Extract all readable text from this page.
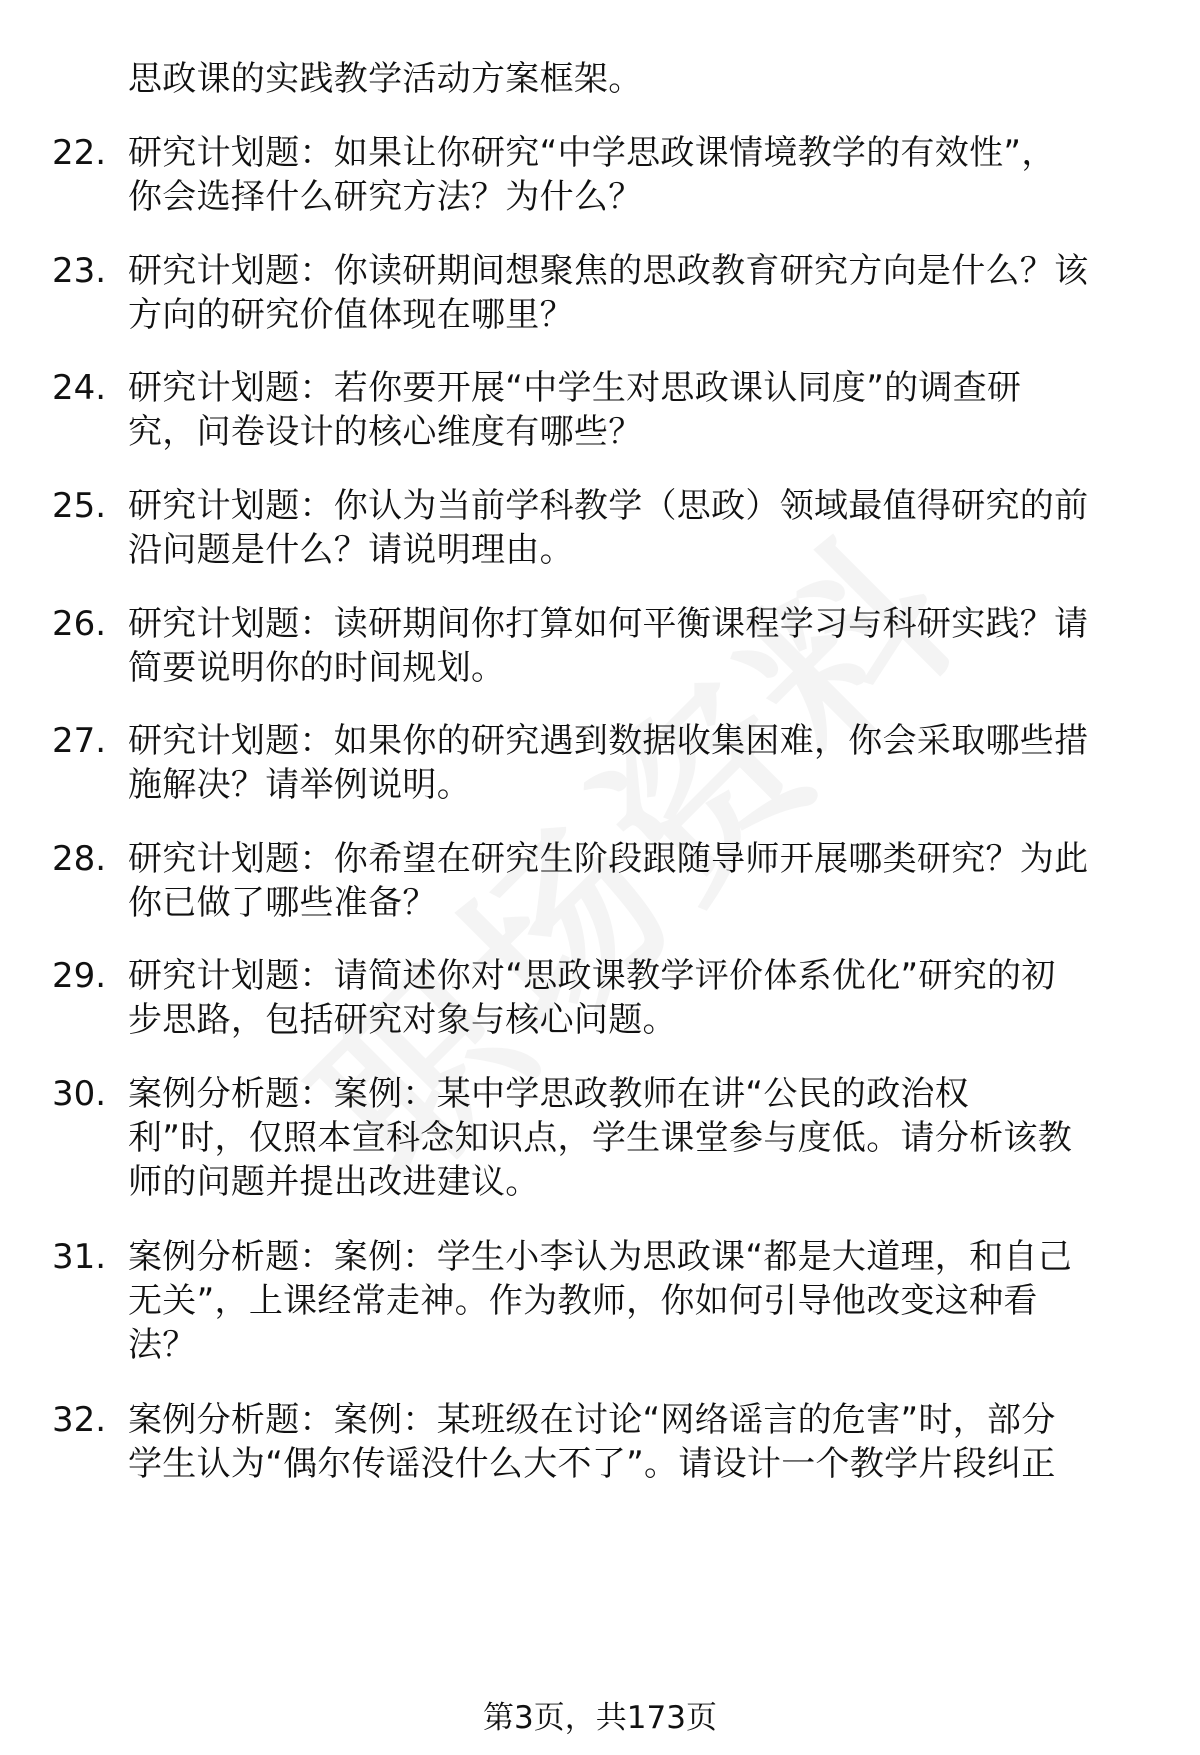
思政课的实践教学活动方案框架。
22. 研究计划题：如果让你研究“中学思政课情境教学的有效性”，
你会选择什么研究方法？为什么？
23. 研究计划题：你读研期间想聚焦的思政教育研究方向是什么？该
方向的研究价值体现在哪里？
24. 研究计划题：若你要开展“中学生对思政课认同度”的调查研
究，问卷设计的核心维度有哪些？
25. 研究计划题：你认为当前学科教学（思政）领域最值得研究的前
沿问题是什么？请说明理由。
26. 研究计划题：读研期间你打算如何平衡课程学习与科研实践？请
简要说明你的时间规划。
27. 研究计划题：如果你的研究遇到数据收集困难，你会采取哪些措
施解决？请举例说明。
28. 研究计划题：你希望在研究生阶段跟随导师开展哪类研究？为此
你已做了哪些准备？
29. 研究计划题：请简述你对“思政课教学评价体系优化”研究的初
步思路，包括研究对象与核心问题。
30. 案例分析题：案例：某中学思政教师在讲“公民的政治权
利”时，仅照本宣科念知识点，学生课堂参与度低。请分析该教
师的问题并提出改进建议。
31. 案例分析题：案例：学生小李认为思政课“都是大道理，和自己
无关”，上课经常走神。作为教师，你如何引导他改变这种看
法？
32. 案例分析题：案例：某班级在讨论“网络谣言的危害”时，部分
学生认为“偶尔传谣没什么大不了”。请设计一个教学片段纠正
第3页，共173页
